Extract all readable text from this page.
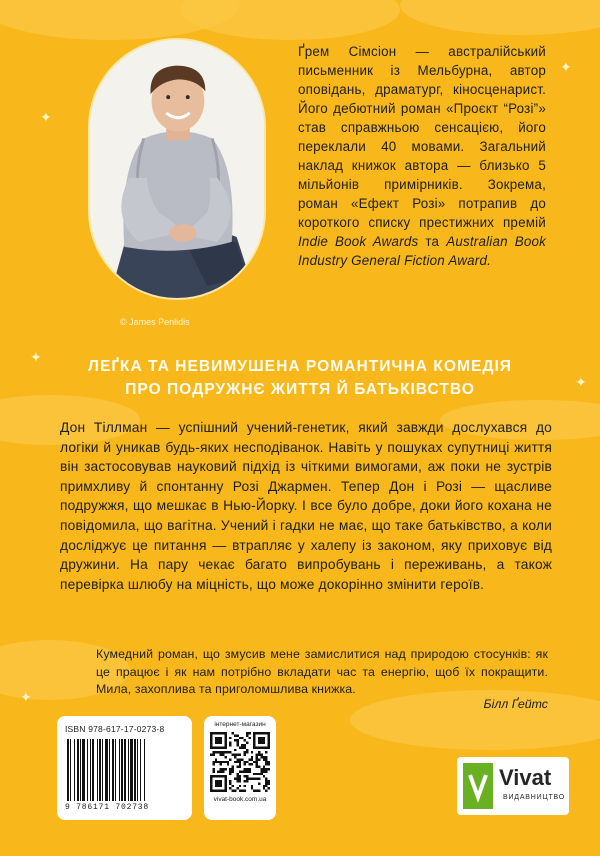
✦
✦
✦
✦
✦
© James Penlidis
Ґрем Сімсіон — австралійський письменник із Мельбурна, автор оповідань, драматург, кіносценарист. Його дебютний роман «Проєкт “Розі”» став справжньою сенсацією, його переклали 40 мовами. Загальний наклад книжок автора — близько 5 мільйонів примірників. Зокрема, роман «Ефект Розі» потрапив до короткого списку престижних премій Indie Book Awards та Australian Book Industry General Fiction Award.
ЛЕҐКА ТА НЕВИМУШЕНА РОМАНТИЧНА КОМЕДІЯ
ПРО ПОДРУЖНЄ ЖИТТЯ Й БАТЬКІВСТВО
Дон Тіллман — успішний учений-генетик, який завжди дослухався до логіки й уникав будь-яких несподіванок. Навіть у пошуках супутниці життя він застосовував науковий підхід із чіткими вимогами, аж поки не зустрів примхливу й спонтанну Розі Джармен. Тепер Дон і Розі — щасливе подружжя, що мешкає в Нью-Йорку. І все було добре, доки його кохана не повідомила, що вагітна. Учений і гадки не має, що таке батьківство, а коли досліджує це питання — втрапляє у халепу із законом, яку приховує від дружини. На пару чекає багато випробувань і переживань, а також перевірка шлюбу на міцність, що може докорінно змінити героїв.
Кумедний роман, що змусив мене замислитися над природою стосунків: як це працює і як нам потрібно вкладати час та енергію, щоб їх покращити. Мила, захоплива та приголомшлива книжка.
Білл Ґейтс
ISBN 978-617-17-0273-8
9 786171 702738
інтернет-магазин
vivat-book.com.ua
Vivat
ВИДАВНИЦТВО
